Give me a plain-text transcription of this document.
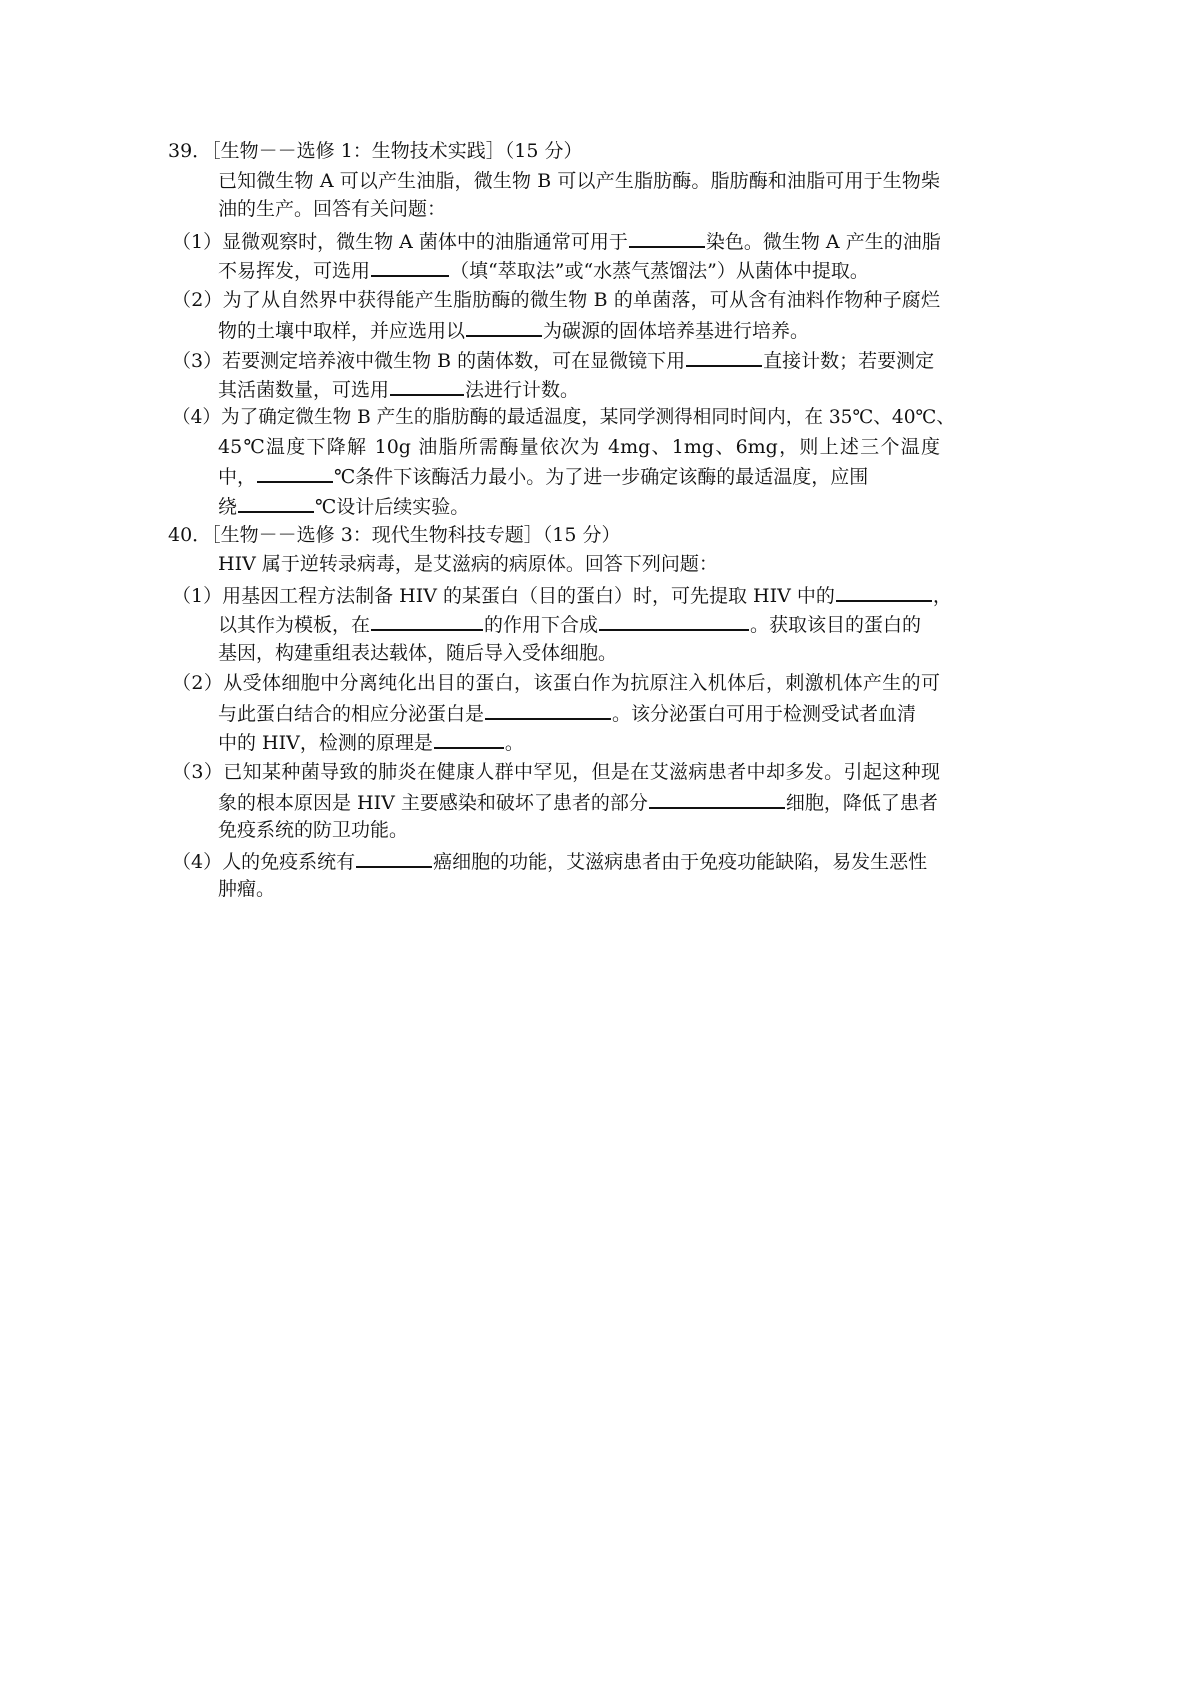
39．［生物－－选修 1：生物技术实践］（15 分）
已知微生物 A 可以产生油脂，微生物 B 可以产生脂肪酶。脂肪酶和油脂可用于生物柴
油的生产。回答有关问题：
（1）显微观察时，微生物 A 菌体中的油脂通常可用于	染色。微生物 A 产生的油脂
不易挥发，可选用	（填“萃取法”或“水蒸气蒸馏法”）从菌体中提取。
（2）为了从自然界中获得能产生脂肪酶的微生物 B 的单菌落，可从含有油料作物种子腐烂
物的土壤中取样，并应选用以	为碳源的固体培养基进行培养。
（3）若要测定培养液中微生物 B 的菌体数，可在显微镜下用	直接计数；若要测定
其活菌数量，可选用	法进行计数。
（4）为了确定微生物 B 产生的脂肪酶的最适温度，某同学测得相同时间内，在 35℃、40℃、
45℃温度下降解 10g 油脂所需酶量依次为 4mg、1mg、6mg，则上述三个温度
中，	℃条件下该酶活力最小。为了进一步确定该酶的最适温度，应围
绕	℃设计后续实验。
40．［生物－－选修 3：现代生物科技专题］（15 分）
HIV 属于逆转录病毒，是艾滋病的病原体。回答下列问题：
（1）用基因工程方法制备 HIV 的某蛋白（目的蛋白）时，可先提取 HIV 中的	，
以其作为模板，在	的作用下合成	。获取该目的蛋白的
基因，构建重组表达载体，随后导入受体细胞。
（2）从受体细胞中分离纯化出目的蛋白，该蛋白作为抗原注入机体后，刺激机体产生的可
与此蛋白结合的相应分泌蛋白是	。该分泌蛋白可用于检测受试者血清
中的 HIV，检测的原理是	。
（3）已知某种菌导致的肺炎在健康人群中罕见，但是在艾滋病患者中却多发。引起这种现
象的根本原因是 HIV 主要感染和破坏了患者的部分	细胞，降低了患者
免疫系统的防卫功能。
（4）人的免疫系统有	癌细胞的功能，艾滋病患者由于免疫功能缺陷，易发生恶性
肿瘤。
